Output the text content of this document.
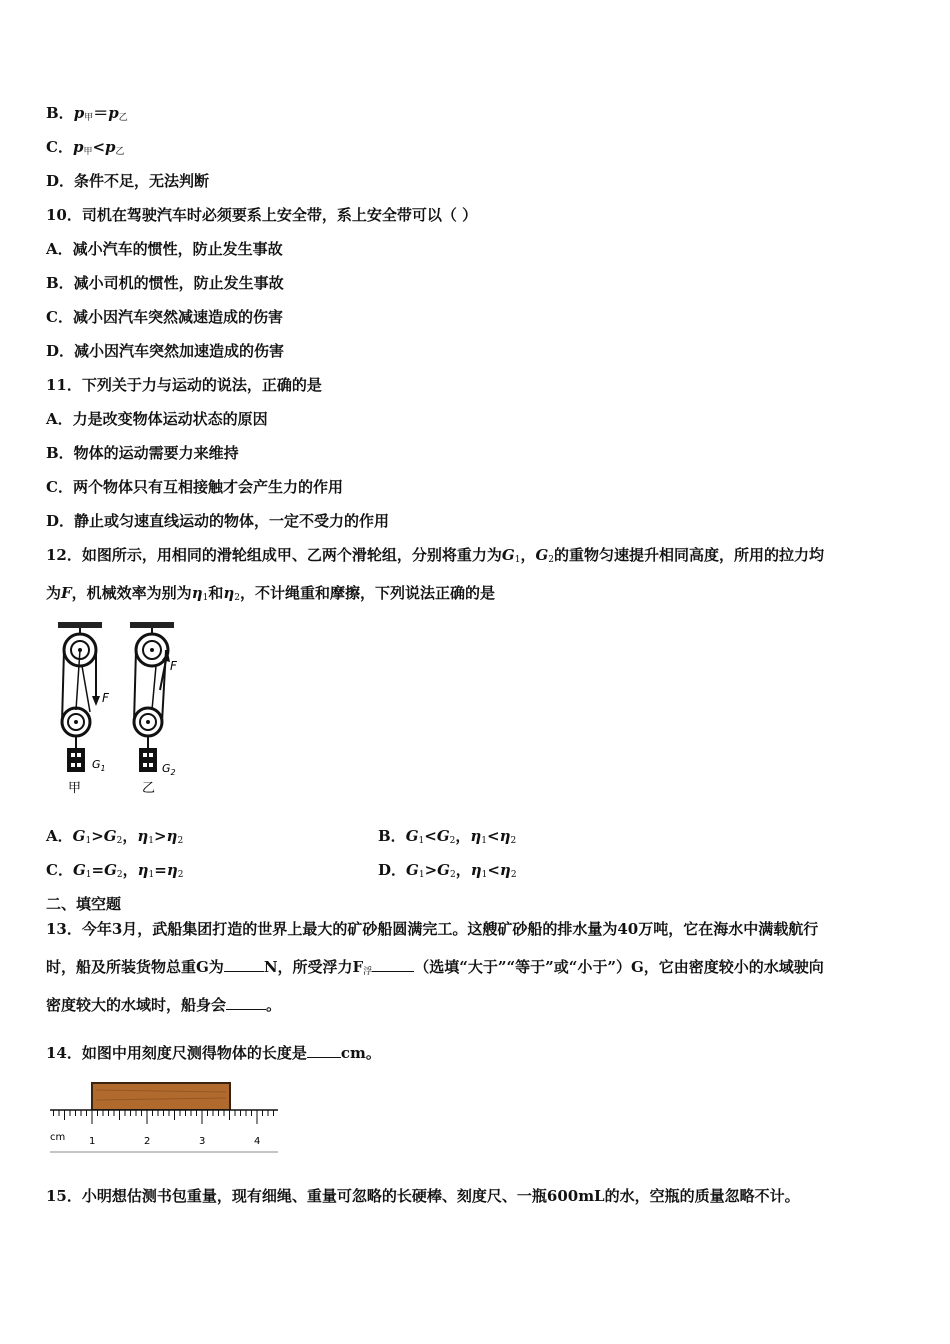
B．$p_甲=p_乙$
C．$p_甲<p_乙$
D．条件不足，无法判断
10．司机在驾驶汽车时必须要系上安全带，系上安全带可以（ ）
A．减小汽车的惯性，防止发生事故
B．减小司机的惯性，防止发生事故
C．减小因汽车突然减速造成的伤害
D．减小因汽车突然加速造成的伤害
11．下列关于力与运动的说法，正确的是
A．力是改变物体运动状态的原因
B．物体的运动需要力来维持
C．两个物体只有互相接触才会产生力的作用
D．静止或匀速直线运动的物体，一定不受力的作用
12．如图所示，用相同的滑轮组成甲、乙两个滑轮组，分别将重力为$G_1$，$G_2$的重物匀速提升相同高度，所用的拉力均
为F，机械效率为别为$\eta_1$和$\eta_2$，不计绳重和摩擦，下列说法正确的是
F
$G_1$
甲
F
$G_2$
乙
A．$G_1>G_2$，$\eta_1>\eta_2$	B．$G_1<G_2$，$\eta_1<\eta_2$
C．$G_1=G_2$，$\eta_1=\eta_2$	D．$G_1>G_2$，$\eta_1<\eta_2$
二、填空题
13．今年3月，武船集团打造的世界上最大的矿砂船圆满完工。这艘矿砂船的排水量为40万吨，它在海水中满载航行
时，船及所装货物总重G为	N，所受浮力$F_浮$	（选填“大于”“等于”或“小于”）G，它由密度较小的水域驶向
密度较大的水域时，船身会	。
14．如图中用刻度尺测得物体的长度是 cm。
cm 1	2	3	4
15．小明想估测书包重量，现有细绳、重量可忽略的长硬棒、刻度尺、一瓶600mL的水，空瓶的质量忽略不计。
